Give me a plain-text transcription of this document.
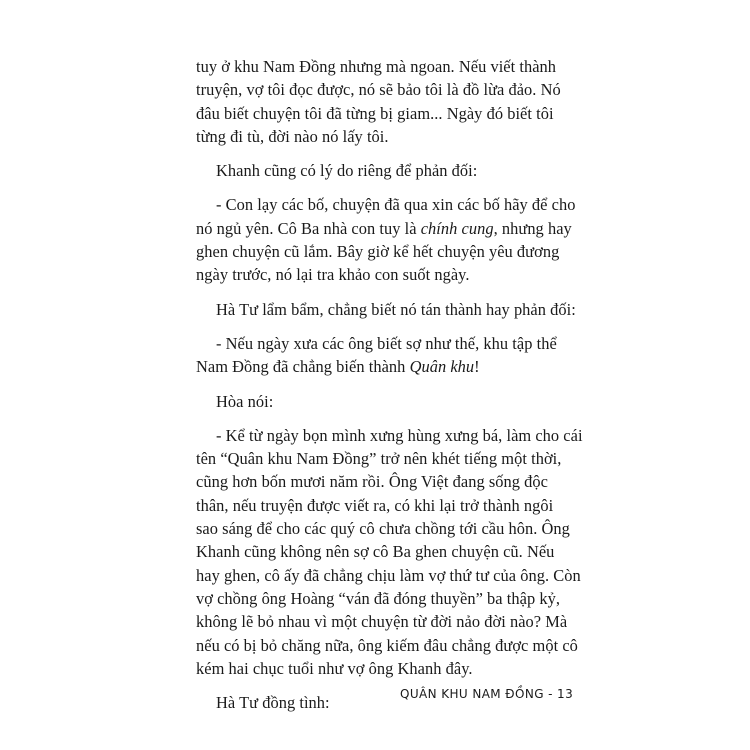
tuy ở khu Nam Đồng nhưng mà ngoan. Nếu viết thành
truyện, vợ tôi đọc được, nó sẽ bảo tôi là đồ lừa đảo. Nó
đâu biết chuyện tôi đã từng bị giam... Ngày đó biết tôi
từng đi tù, đời nào nó lấy tôi.
Khanh cũng có lý do riêng để phản đối:
- Con lạy các bố, chuyện đã qua xin các bố hãy để cho
nó ngủ yên. Cô Ba nhà con tuy là chính cung, nhưng hay
ghen chuyện cũ lắm. Bây giờ kể hết chuyện yêu đương
ngày trước, nó lại tra khảo con suốt ngày.
Hà Tư lẩm bẩm, chẳng biết nó tán thành hay phản đối:
- Nếu ngày xưa các ông biết sợ như thế, khu tập thể
Nam Đồng đã chẳng biến thành Quân khu!
Hòa nói:
- Kể từ ngày bọn mình xưng hùng xưng bá, làm cho cái
tên “Quân khu Nam Đồng” trở nên khét tiếng một thời,
cũng hơn bốn mươi năm rồi. Ông Việt đang sống độc
thân, nếu truyện được viết ra, có khi lại trở thành ngôi
sao sáng để cho các quý cô chưa chồng tới cầu hôn. Ông
Khanh cũng không nên sợ cô Ba ghen chuyện cũ. Nếu
hay ghen, cô ấy đã chẳng chịu làm vợ thứ tư của ông. Còn
vợ chồng ông Hoàng “ván đã đóng thuyền” ba thập kỷ,
không lẽ bỏ nhau vì một chuyện từ đời nảo đời nào? Mà
nếu có bị bỏ chăng nữa, ông kiếm đâu chẳng được một cô
kém hai chục tuổi như vợ ông Khanh đây.
Hà Tư đồng tình:	QUÂN KHU NAM ĐỒNG - 13
